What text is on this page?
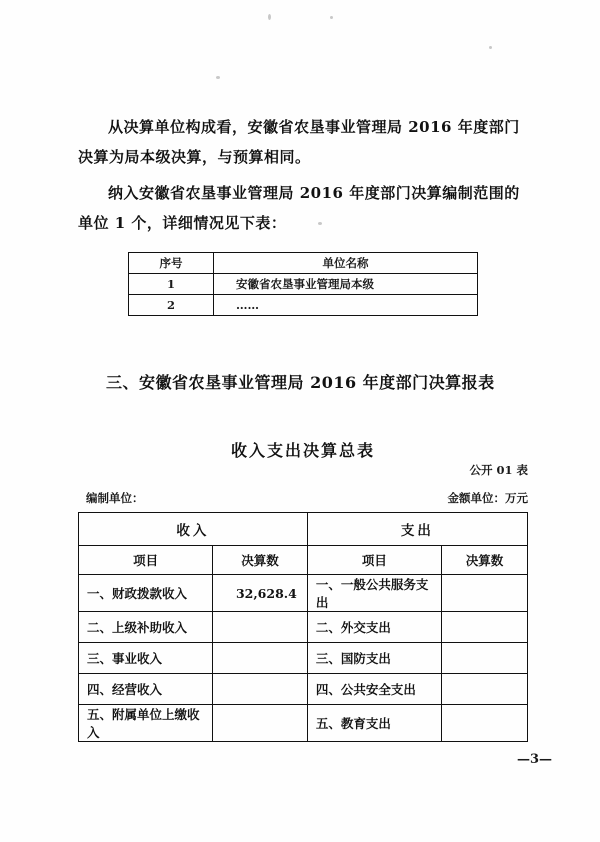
从决算单位构成看，安徽省农垦事业管理局 2016 年度部门决算为局本级决算，与预算相同。

纳入安徽省农垦事业管理局 2016 年度部门决算编制范围的单位 1 个，详细情况见下表：

序号	单位名称
1	安徽省农垦事业管理局本级
2	……
三、安徽省农垦事业管理局 2016 年度部门决算报表
收入支出决算总表
公开 01 表
编制单位：	金额单位：万元
收入		支出	
项目	决算数	项目	决算数
一、财政拨款收入	32,628.4	一、一般公共服务支出	
二、上级补助收入		二、外交支出	
三、事业收入		三、国防支出	
四、经营收入		四、公共安全支出	
五、附属单位上缴收入		五、教育支出	
—3—
